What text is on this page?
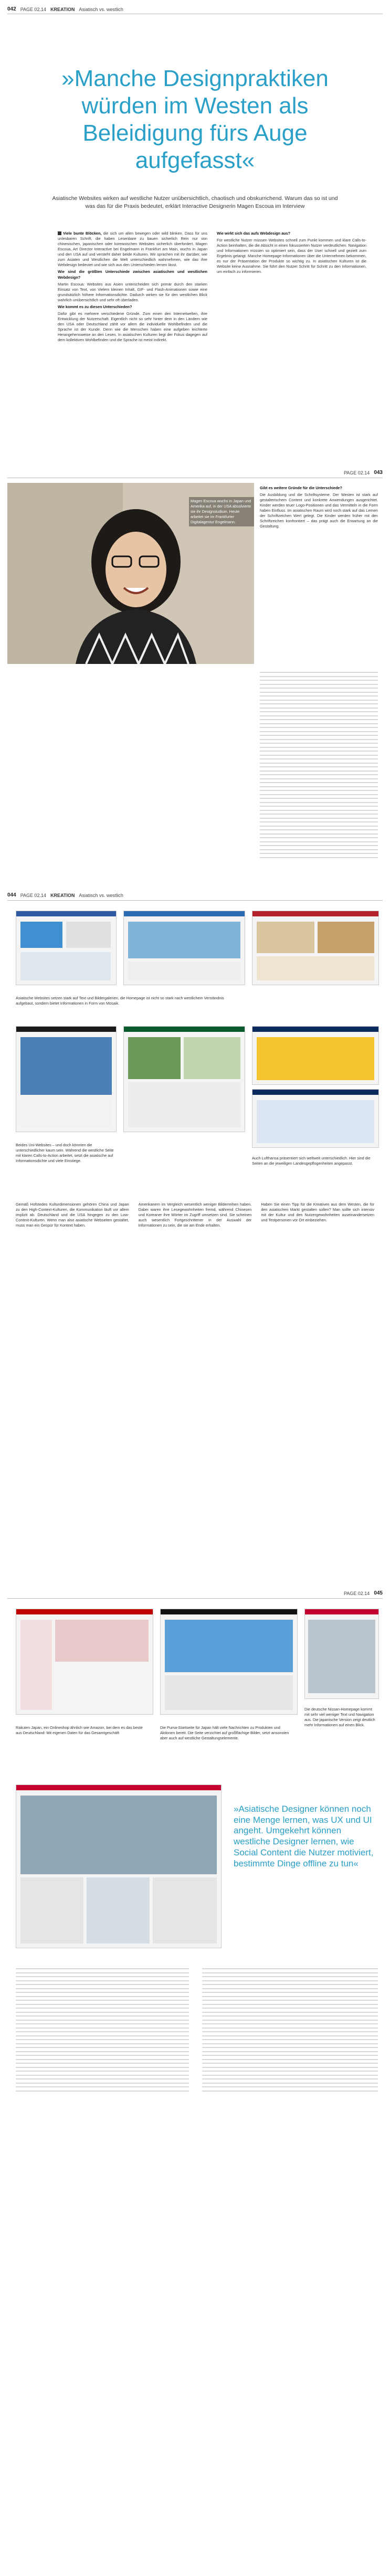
042 PAGE 02.14 KREATION Asiatisch vs. westlich
»Manche Designpraktiken würden im Westen als Beleidigung fürs Auge aufgefasst«

Asiatische Websites wirken auf westliche Nutzer unübersichtlich, chaotisch und obskurrichend. Warum das so ist und was das für die Praxis bedeutet, erklärt Interactive Designerin Magen Escoua im Interview

Viele bunte Blöcken, die sich um allen bewegen oder wild blinken. Dass für uns unlesbaren Schrift, die haben Lesenbare zu bauen sicherlich Rein nur von chinesischen, japanischen oder koreanischen Websites sicherlich überfordert. Magen Escoua, Art Director Interactive bei Engelmann in Frankfurt am Main, wuchs in Japan und den USA auf und versteht daher beide Kulturen. Wir sprachen mit ihr darüber, wie zum Asiaten und Westlichen die Welt unterschiedlich wahrnehmen, wie das ihre Webdesign bedeutet und wie sich aus den Unterschieden lernen lässt.

Wie sind die größten Unterschiede zwischen asiatischen und westlichen Webdesign?

Martin Escoua: Websites aus Asien unterscheiden sich primär durch den starken Einsatz von Text, von Vielem kleinen Inhalt, GIF- und Flash-Animationen sowie eine grundsätzlich höhere Informationsdichte. Dadurch wirken sie für den westlichen Blick wahrlich unübersichtlich und sehr oft überladen.

Wie kommt es zu diesen Unterschieden?

Dafür gibt es mehrere verschiedene Gründe. Zum einen den Internetwelten, ihre Entwicklung der Nutzerschaft. Eigentlich nicht so sehr hinter dem in den Ländern wie den USA oder Deutschland zählt vor allem die individuelle Wohlbefinden und die Sprache ist der Kunde. Denn wie die Menschen haben eine aufgeben leichterte Herangehensweise an den Lesen. In asiatischen Kulturen liegt der Fokus dagegen auf dem kollektiven Wohlbefinden und die Sprache ist meist indirekt.

Wie wirkt sich das aufs Webdesign aus?

Für westliche Nutzer müssen Websites schnell zum Punkt kommen und klare Calls-to-Action beinhalten, die die Absicht in einen fokussierten Nutzer verdeutlichen. Navigation und Informationen müssen so optimiert sein, dass der User schnell und gezielt zum Ergebnis gelangt. Manche Homepage-Informationen über die Unternehmen bekommen, es nur der Präsentation der Produkte so wichtig zu. In asiatischen Kulturen ist die Website keine Ausnahme. Sie führt den Nutzer Schritt für Schritt zu den Informationen, um einfach zu informieren.

PAGE 02.14 043

Magen Escoua wuchs in Japan und Amerika auf, in der USA absolvierte sie ihr Designstudium. Heute arbeitet sie im Frankfurter Digitalagentur Engelmann.

Gibt es weitere Gründe für die Unterschiede?

Die Ausbildung und die Schriftsysteme. Der Westen ist stark auf gestalterischem Content und konkrete Anwendungen ausgerichtet. Kinder werden teuer Logo-Positionen und das Vermitteln in die Form haben Einfluss. Im asiatischen Raum wird noch stark auf das Lernen der Schriftzeichen Wert gelegt. Die Kinder werden früher mit den Schriftzeichen konfrontiert – das prägt auch die Erwartung an die Gestaltung.

044 PAGE 02.14 KREATION Asiatisch vs. westlich

Asiatische Websites setzen stark auf Text und Bildergalerien, die Homepage ist nicht so stark nach westlichem Verständnis aufgebaut, sondern bietet Informationen in Form von Mosaik.

Beides Uni-Websites – und doch könnten die unterschiedlicher kaum sein. Während die westliche Seite mit klaren Calls-to-Action arbeitet, setzt die asiatische auf Informationsdichte und viele Einstiege.

Auch Lufthansa präsentiert sich weltweit unterschiedlich. Hier sind die Seiten an die jeweiligen Landesgepflogenheiten angepasst.

Gemäß Hofstedes Kulturdimensionen gehören China und Japan zu den High-Context-Kulturen, die Kommunikation läuft vor allem implizit ab. Deutschland und die USA hingegen zu den Low-Context-Kulturen. Wenn man also asiatische Webseiten gestaltet, muss man ein Gespür für Kontext haben.

Amerikanern im Vergleich wesentlich weniger Bilderreihen haben. Dabei waren ihre Lesegewohnheiten fremd, während Chinesen und Koreaner ihre Wörter im Zugriff umsetzen sind. Sie scheinen auch wesentlich Fortgeschrittener in der Auswahl der Informationen zu sein, die sie am Ende erhalten.

Haben Sie einen Tipp für die Kreativen aus dem Westen, die für den asiatischen Markt gestalten sollen? Man sollte sich intensiv mit der Kultur und den Nutzergewohnheiten auseinandersetzen und Testpersonen vor Ort einbeziehen.

PAGE 02.14 045

Die deutsche Nissan-Homepage kommt mit sehr viel weniger Text und Navigation aus. Die japanische Version zeigt deutlich mehr Informationen auf einen Blick.

Rakuten Japan, ein Onlineshop ähnlich wie Amazon, bei dem es das beste aus Deutschland: Mit eigenen Daten für das Gesamtgeschäft

Die Puma-Startseite für Japan hält viele Nachrichten zu Produkten und Aktionen bereit. Die Seite verzichtet auf großflächige Bilder, setzt ansonsten aber auch auf westliche Gestaltungselemente.

»Asiatische Designer können noch eine Menge lernen, was UX und UI angeht. Umgekehrt können westliche Designer lernen, wie Social Content die Nutzer motiviert, bestimmte Dinge offline zu tun«
